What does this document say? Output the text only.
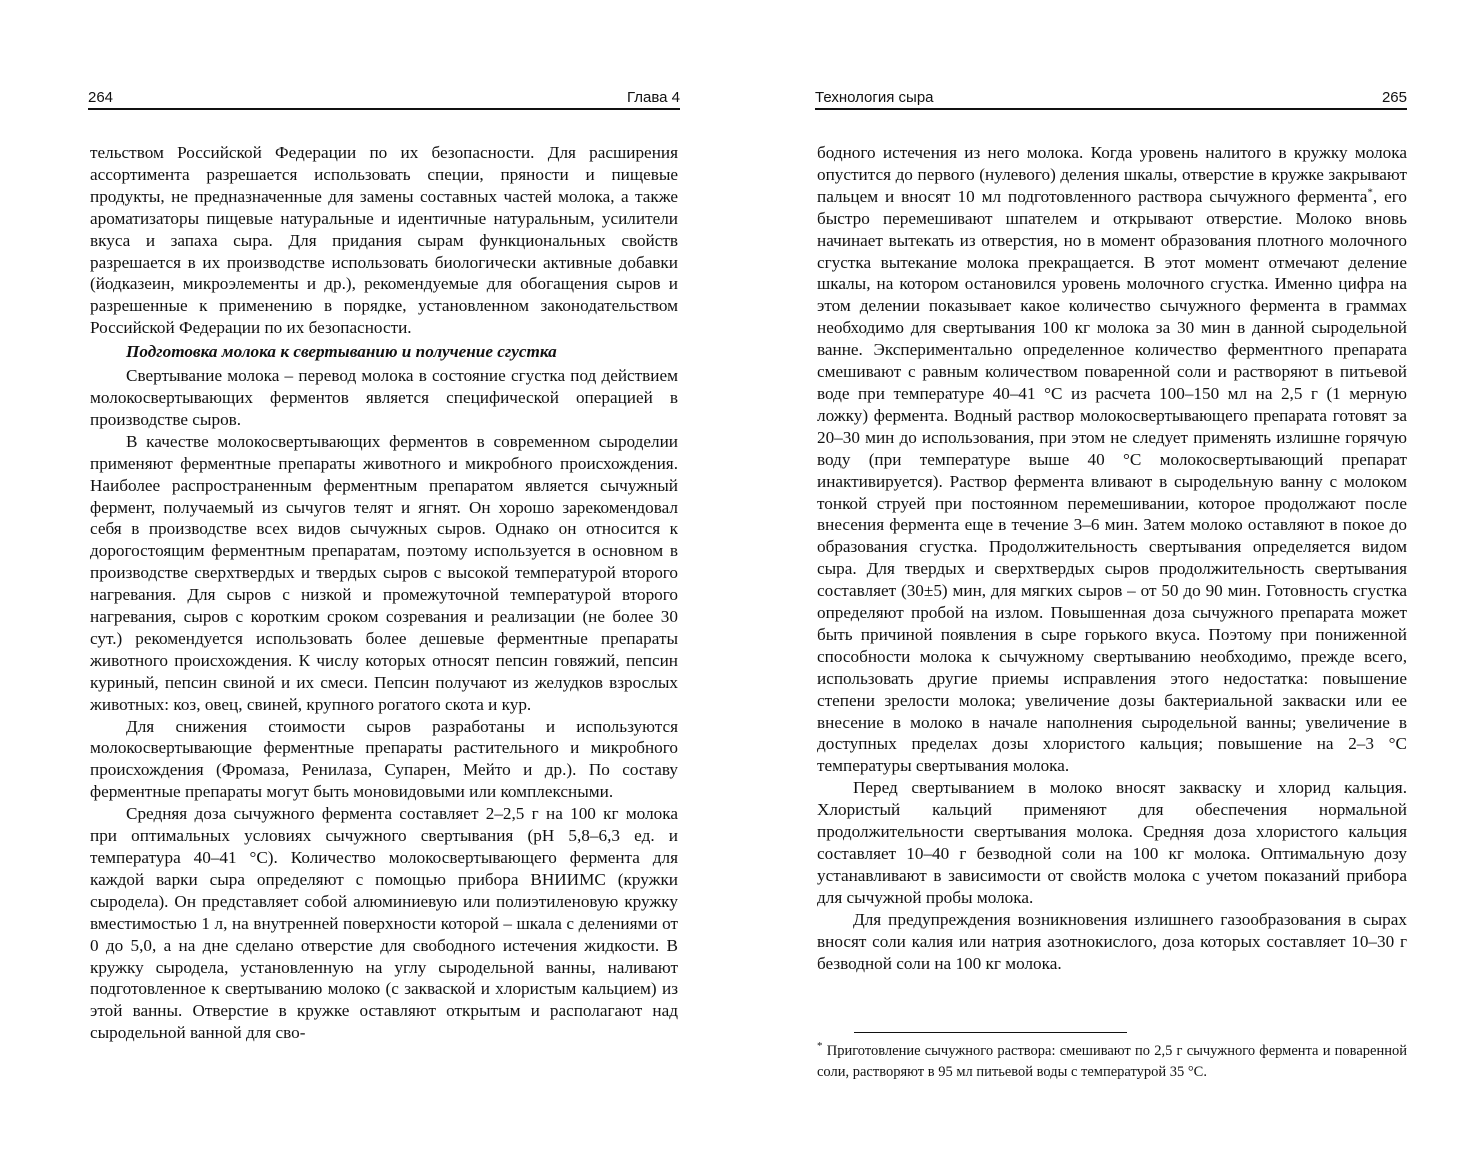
264	Глава 4

тельством Российской Федерации по их безопасности. Для расширения ассортимента разрешается использовать специи, пряности и пищевые продукты, не предназначенные для замены составных частей молока, а также ароматизаторы пищевые натуральные и идентичные натуральным, усилители вкуса и запаха сыра. Для придания сырам функциональных свойств разрешается в их производстве использовать биологически активные добавки (йодказеин, микроэлементы и др.), рекомендуемые для обогащения сыров и разрешенные к применению в порядке, установленном законодательством Российской Федерации по их безопасности.

Подготовка молока к свертыванию и получение сгустка

Свертывание молока – перевод молока в состояние сгустка под действием молокосвертывающих ферментов является специфической операцией в производстве сыров.

В качестве молокосвертывающих ферментов в современном сыроделии применяют ферментные препараты животного и микробного происхождения. Наиболее распространенным ферментным препаратом является сычужный фермент, получаемый из сычугов телят и ягнят. Он хорошо зарекомендовал себя в производстве всех видов сычужных сыров. Однако он относится к дорогостоящим ферментным препаратам, поэтому используется в основном в производстве сверхтвердых и твердых сыров с высокой температурой второго нагревания. Для сыров с низкой и промежуточной температурой второго нагревания, сыров с коротким сроком созревания и реализации (не более 30 сут.) рекомендуется использовать более дешевые ферментные препараты животного происхождения. К числу которых относят пепсин говяжий, пепсин куриный, пепсин свиной и их смеси. Пепсин получают из желудков взрослых животных: коз, овец, свиней, крупного рогатого скота и кур.

Для снижения стоимости сыров разработаны и используются молокосвертывающие ферментные препараты растительного и микробного происхождения (Фромаза, Ренилаза, Супарен, Мейто и др.). По составу ферментные препараты могут быть моновидовыми или комплексными.

Средняя доза сычужного фермента составляет 2–2,5 г на 100 кг молока при оптимальных условиях сычужного свертывания (рН 5,8–6,3 ед. и температура 40–41 °С). Количество молокосвертывающего фермента для каждой варки сыра определяют с помощью прибора ВНИИМС (кружки сыродела). Он представляет собой алюминиевую или полиэтиленовую кружку вместимостью 1 л, на внутренней поверхности которой – шкала с делениями от 0 до 5,0, а на дне сделано отверстие для свободного истечения жидкости. В кружку сыродела, установленную на углу сыродельной ванны, наливают подготовленное к свертыванию молоко (с закваской и хлористым кальцием) из этой ванны. Отверстие в кружке оставляют открытым и располагают над сыродельной ванной для сво-

Технология сыра	265

бодного истечения из него молока. Когда уровень налитого в кружку молока опустится до первого (нулевого) деления шкалы, отверстие в кружке закрывают пальцем и вносят 10 мл подготовленного раствора сычужного фермента*, его быстро перемешивают шпателем и открывают отверстие. Молоко вновь начинает вытекать из отверстия, но в момент образования плотного молочного сгустка вытекание молока прекращается. В этот момент отмечают деление шкалы, на котором остановился уровень молочного сгустка. Именно цифра на этом делении показывает какое количество сычужного фермента в граммах необходимо для свертывания 100 кг молока за 30 мин в данной сыродельной ванне. Экспериментально определенное количество ферментного препарата смешивают с равным количеством поваренной соли и растворяют в питьевой воде при температуре 40–41 °С из расчета 100–150 мл на 2,5 г (1 мерную ложку) фермента. Водный раствор молокосвертывающего препарата готовят за 20–30 мин до использования, при этом не следует применять излишне горячую воду (при температуре выше 40 °С молокосвертывающий препарат инактивируется). Раствор фермента вливают в сыродельную ванну с молоком тонкой струей при постоянном перемешивании, которое продолжают после внесения фермента еще в течение 3–6 мин. Затем молоко оставляют в покое до образования сгустка. Продолжительность свертывания определяется видом сыра. Для твердых и сверхтвердых сыров продолжительность свертывания составляет (30±5) мин, для мягких сыров – от 50 до 90 мин. Готовность сгустка определяют пробой на излом. Повышенная доза сычужного препарата может быть причиной появления в сыре горького вкуса. Поэтому при пониженной способности молока к сычужному свертыванию необходимо, прежде всего, использовать другие приемы исправления этого недостатка: повышение степени зрелости молока; увеличение дозы бактериальной закваски или ее внесение в молоко в начале наполнения сыродельной ванны; увеличение в доступных пределах дозы хлористого кальция; повышение на 2–3 °С температуры свертывания молока.

Перед свертыванием в молоко вносят закваску и хлорид кальция. Хлористый кальций применяют для обеспечения нормальной продолжительности свертывания молока. Средняя доза хлористого кальция составляет 10–40 г безводной соли на 100 кг молока. Оптимальную дозу устанавливают в зависимости от свойств молока с учетом показаний прибора для сычужной пробы молока.

Для предупреждения возникновения излишнего газообразования в сырах вносят соли калия или натрия азотнокислого, доза которых составляет 10–30 г безводной соли на 100 кг молока.

* Приготовление сычужного раствора: смешивают по 2,5 г сычужного фермента и поваренной соли, растворяют в 95 мл питьевой воды с температурой 35 °С.
